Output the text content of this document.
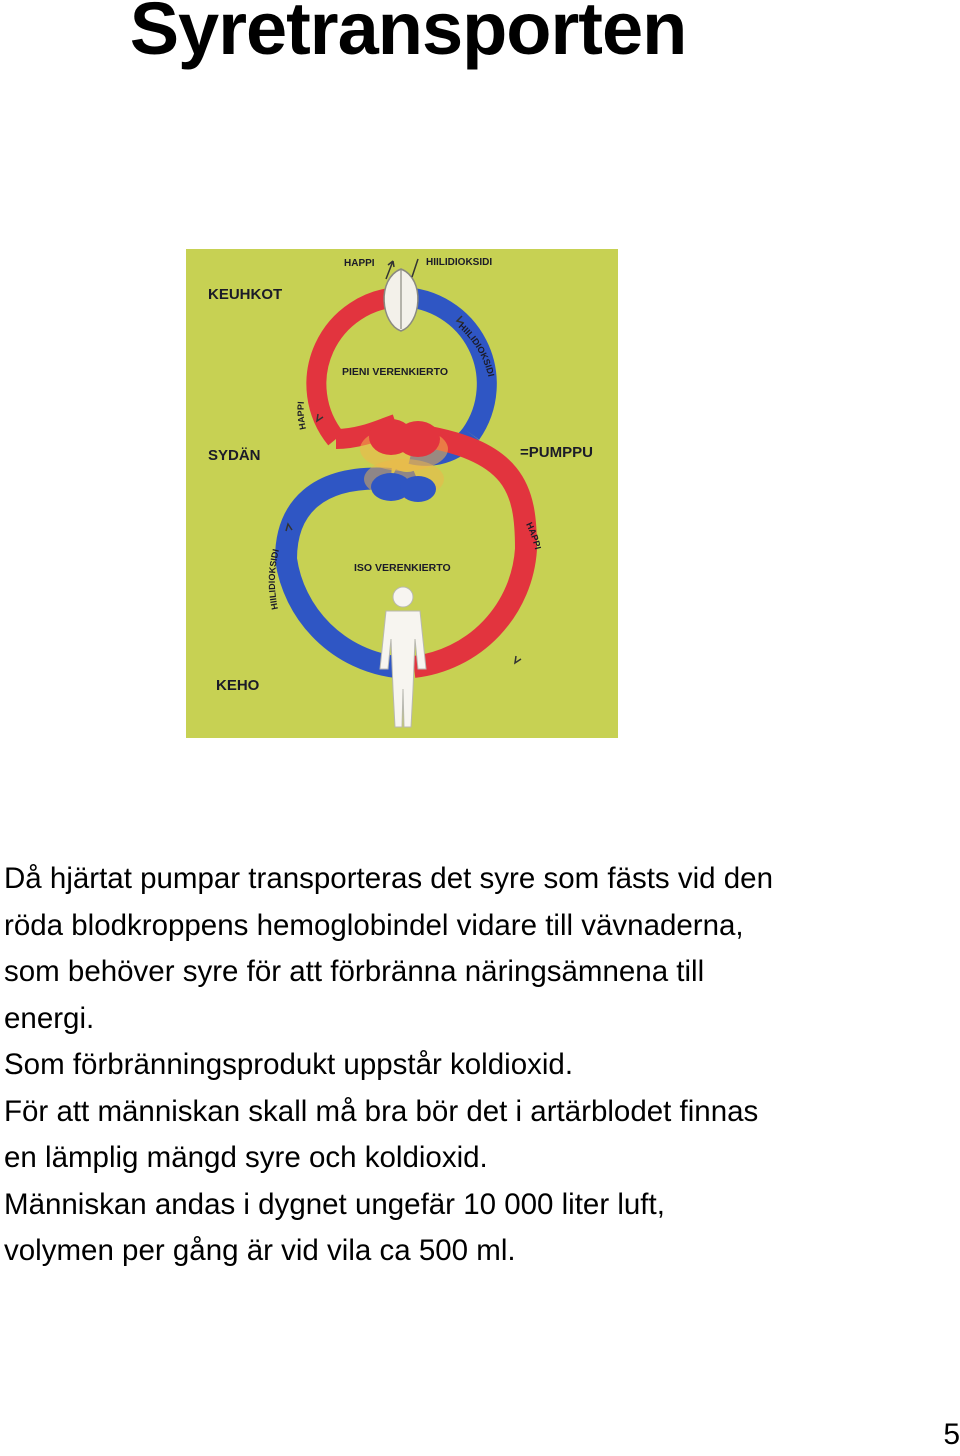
Syretransporten
KEUHKOT
SYDÄN
KEHO
=PUMPPU
HAPPI	HIILIDIOKSIDI
PIENI VERENKIERTO
ISO VERENKIERTO
HAPPI
HIILIDIOKSIDI
HIILIDIOKSIDI
HAPPI
Då hjärtat pumpar transporteras det syre som fästs vid den
röda blodkroppens hemoglobindel vidare till vävnaderna,
som behöver syre för att förbränna näringsämnena till
energi.
Som förbränningsprodukt uppstår koldioxid.
För att människan skall må bra bör det i artärblodet finnas
en lämplig mängd syre och koldioxid.
Människan andas i dygnet ungefär 10 000 liter luft,
volymen per gång är vid vila ca 500 ml.
5
